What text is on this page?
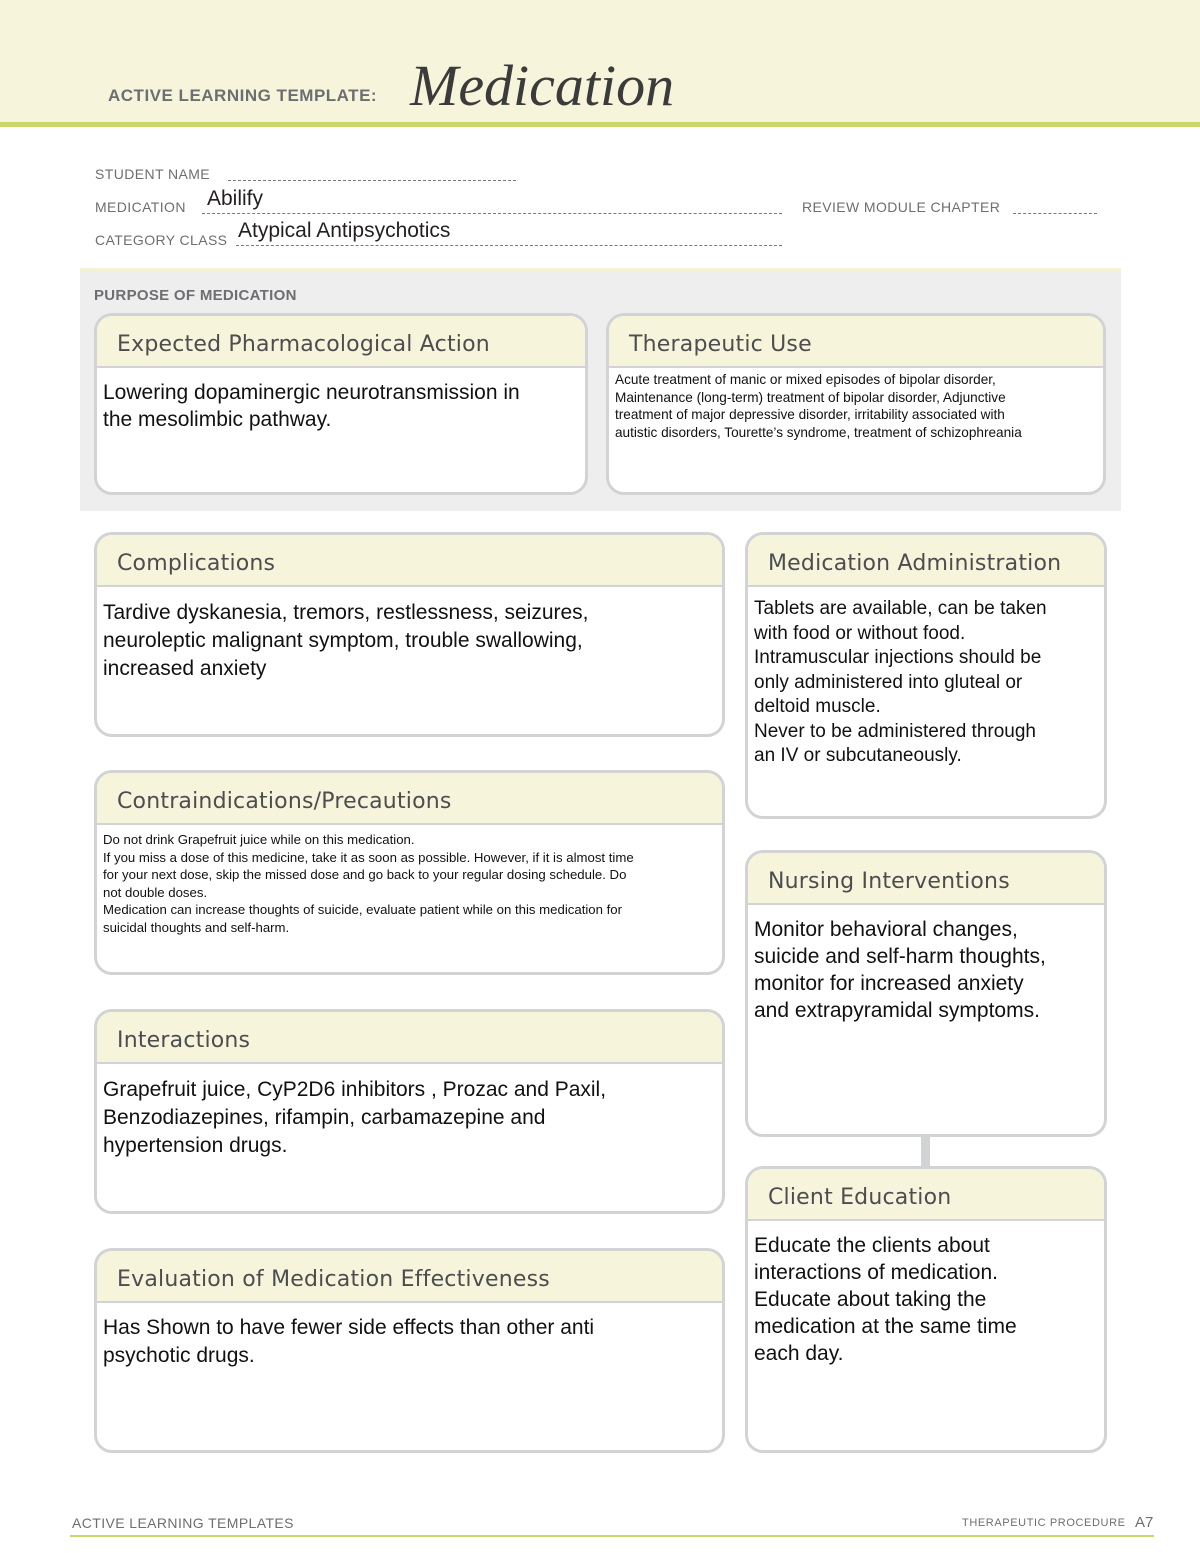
ACTIVE LEARNING TEMPLATE: Medication
STUDENT NAME
MEDICATION Abilify	REVIEW MODULE CHAPTER
CATEGORY CLASS Atypical Antipsychotics
PURPOSE OF MEDICATION
Expected Pharmacological Action
Lowering dopaminergic neurotransmission in
the mesolimbic pathway.
Therapeutic Use
Acute treatment of manic or mixed episodes of bipolar disorder,
Maintenance (long-term) treatment of bipolar disorder, Adjunctive
treatment of major depressive disorder, irritability associated with
autistic disorders, Tourette’s syndrome, treatment of schizophreania
Complications
Tardive dyskanesia, tremors, restlessness, seizures,
neuroleptic malignant symptom, trouble swallowing,
increased anxiety
Contraindications/Precautions
Do not drink Grapefruit juice while on this medication.
If you miss a dose of this medicine, take it as soon as possible. However, if it is almost time
for your next dose, skip the missed dose and go back to your regular dosing schedule. Do
not double doses.
Medication can increase thoughts of suicide, evaluate patient while on this medication for
suicidal thoughts and self-harm.
Interactions
Grapefruit juice, CyP2D6 inhibitors , Prozac and Paxil,
Benzodiazepines, rifampin, carbamazepine and
hypertension drugs.
Evaluation of Medication Effectiveness
Has Shown to have fewer side effects than other anti
psychotic drugs.
Medication Administration
Tablets are available, can be taken
with food or without food.
Intramuscular injections should be
only administered into gluteal or
deltoid muscle.
Never to be administered through
an IV or subcutaneously.
Nursing Interventions
Monitor behavioral changes,
suicide and self-harm thoughts,
monitor for increased anxiety
and extrapyramidal symptoms.
Client Education
Educate the clients about
interactions of medication.
Educate about taking the
medication at the same time
each day.
ACTIVE LEARNING TEMPLATES	THERAPEUTIC PROCEDURE A7
